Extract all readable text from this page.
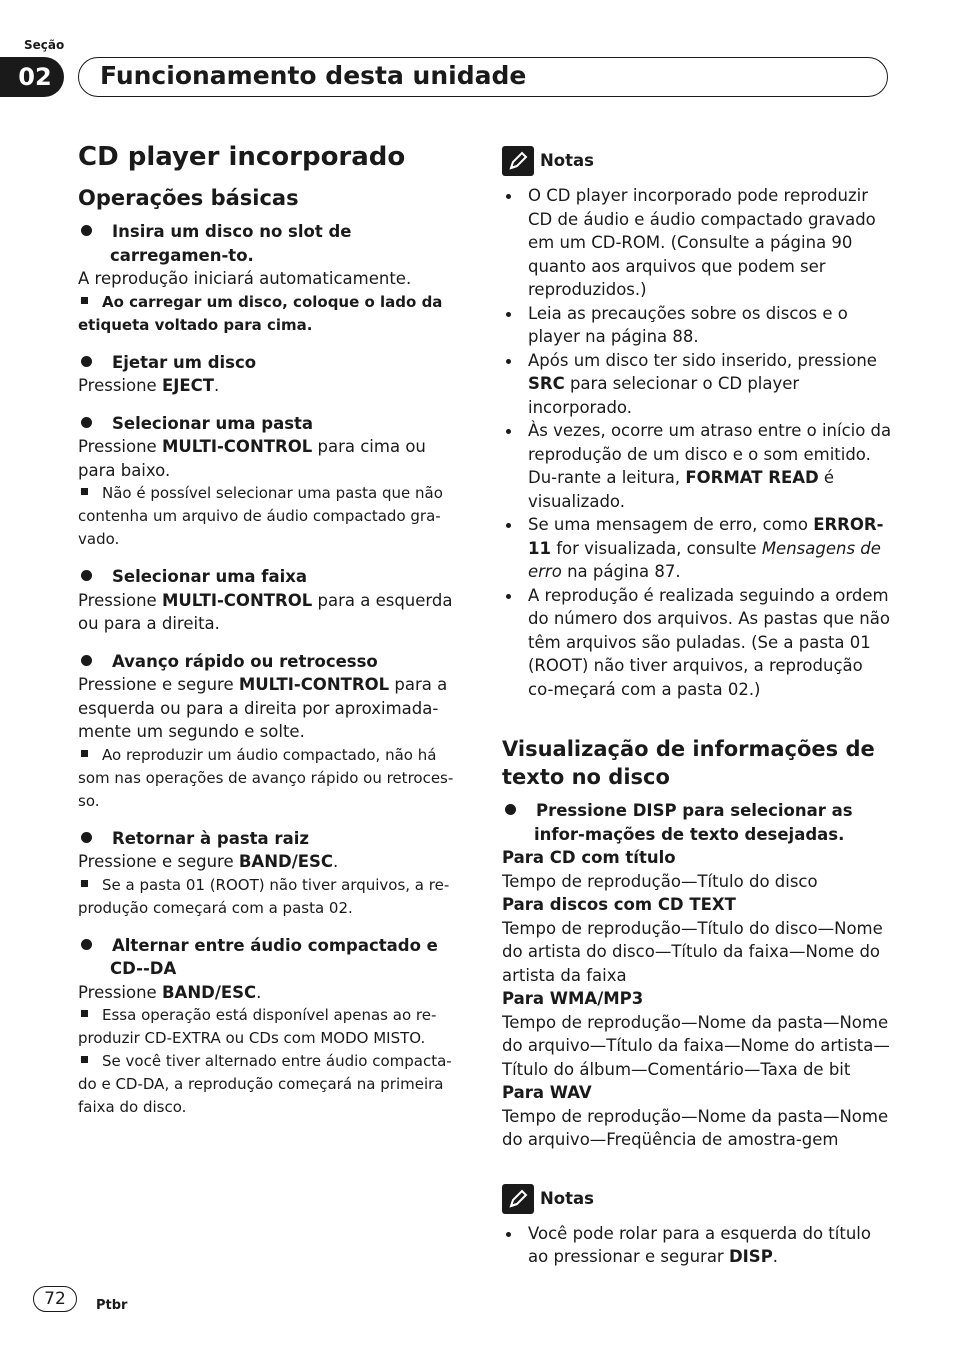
Seção
02	Funcionamento desta unidade
CD player incorporado
Operações básicas

Insira um disco no slot de carregamen-to.

A reprodução iniciará automaticamente.

Ao carregar um disco, coloque o lado da etiqueta voltado para cima.

Ejetar um disco

Pressione EJECT.

Selecionar uma pasta

Pressione MULTI-CONTROL para cima ou para baixo.

Não é possível selecionar uma pasta que não contenha um arquivo de áudio compactado gra-vado.

Selecionar uma faixa

Pressione MULTI-CONTROL para a esquerda ou para a direita.

Avanço rápido ou retrocesso

Pressione e segure MULTI-CONTROL para a esquerda ou para a direita por aproximada-mente um segundo e solte.

Ao reproduzir um áudio compactado, não há som nas operações de avanço rápido ou retroces-so.

Retornar à pasta raiz

Pressione e segure BAND/ESC.

Se a pasta 01 (ROOT) não tiver arquivos, a re-produção começará com a pasta 02.

Alternar entre áudio compactado e CD--DA

Pressione BAND/ESC.

Essa operação está disponível apenas ao re-produzir CD-EXTRA ou CDs com MODO MISTO.

Se você tiver alternado entre áudio compacta-do e CD-DA, a reprodução começará na primeira faixa do disco.

Notas
O CD player incorporado pode reproduzir CD de áudio e áudio compactado gravado em um CD-ROM. (Consulte a página 90 quanto aos arquivos que podem ser reproduzidos.)
Leia as precauções sobre os discos e o player na página 88.
Após um disco ter sido inserido, pressione SRC para selecionar o CD player incorporado.
Às vezes, ocorre um atraso entre o início da reprodução de um disco e o som emitido. Du-rante a leitura, FORMAT READ é visualizado.
Se uma mensagem de erro, como ERROR-11 for visualizada, consulte Mensagens de erro na página 87.
A reprodução é realizada seguindo a ordem do número dos arquivos. As pastas que não têm arquivos são puladas. (Se a pasta 01 (ROOT) não tiver arquivos, a reprodução co-meçará com a pasta 02.)
Visualização de informações de texto no disco

Pressione DISP para selecionar as infor-mações de texto desejadas.

Para CD com título

Tempo de reprodução—Título do disco

Para discos com CD TEXT

Tempo de reprodução—Título do disco—Nome do artista do disco—Título da faixa—Nome do artista da faixa

Para WMA/MP3

Tempo de reprodução—Nome da pasta—Nome do arquivo—Título da faixa—Nome do artista—Título do álbum—Comentário—Taxa de bit

Para WAV

Tempo de reprodução—Nome da pasta—Nome do arquivo—Freqüência de amostra-gem

Notas
Você pode rolar para a esquerda do título ao pressionar e segurar DISP.
72	Ptbr
